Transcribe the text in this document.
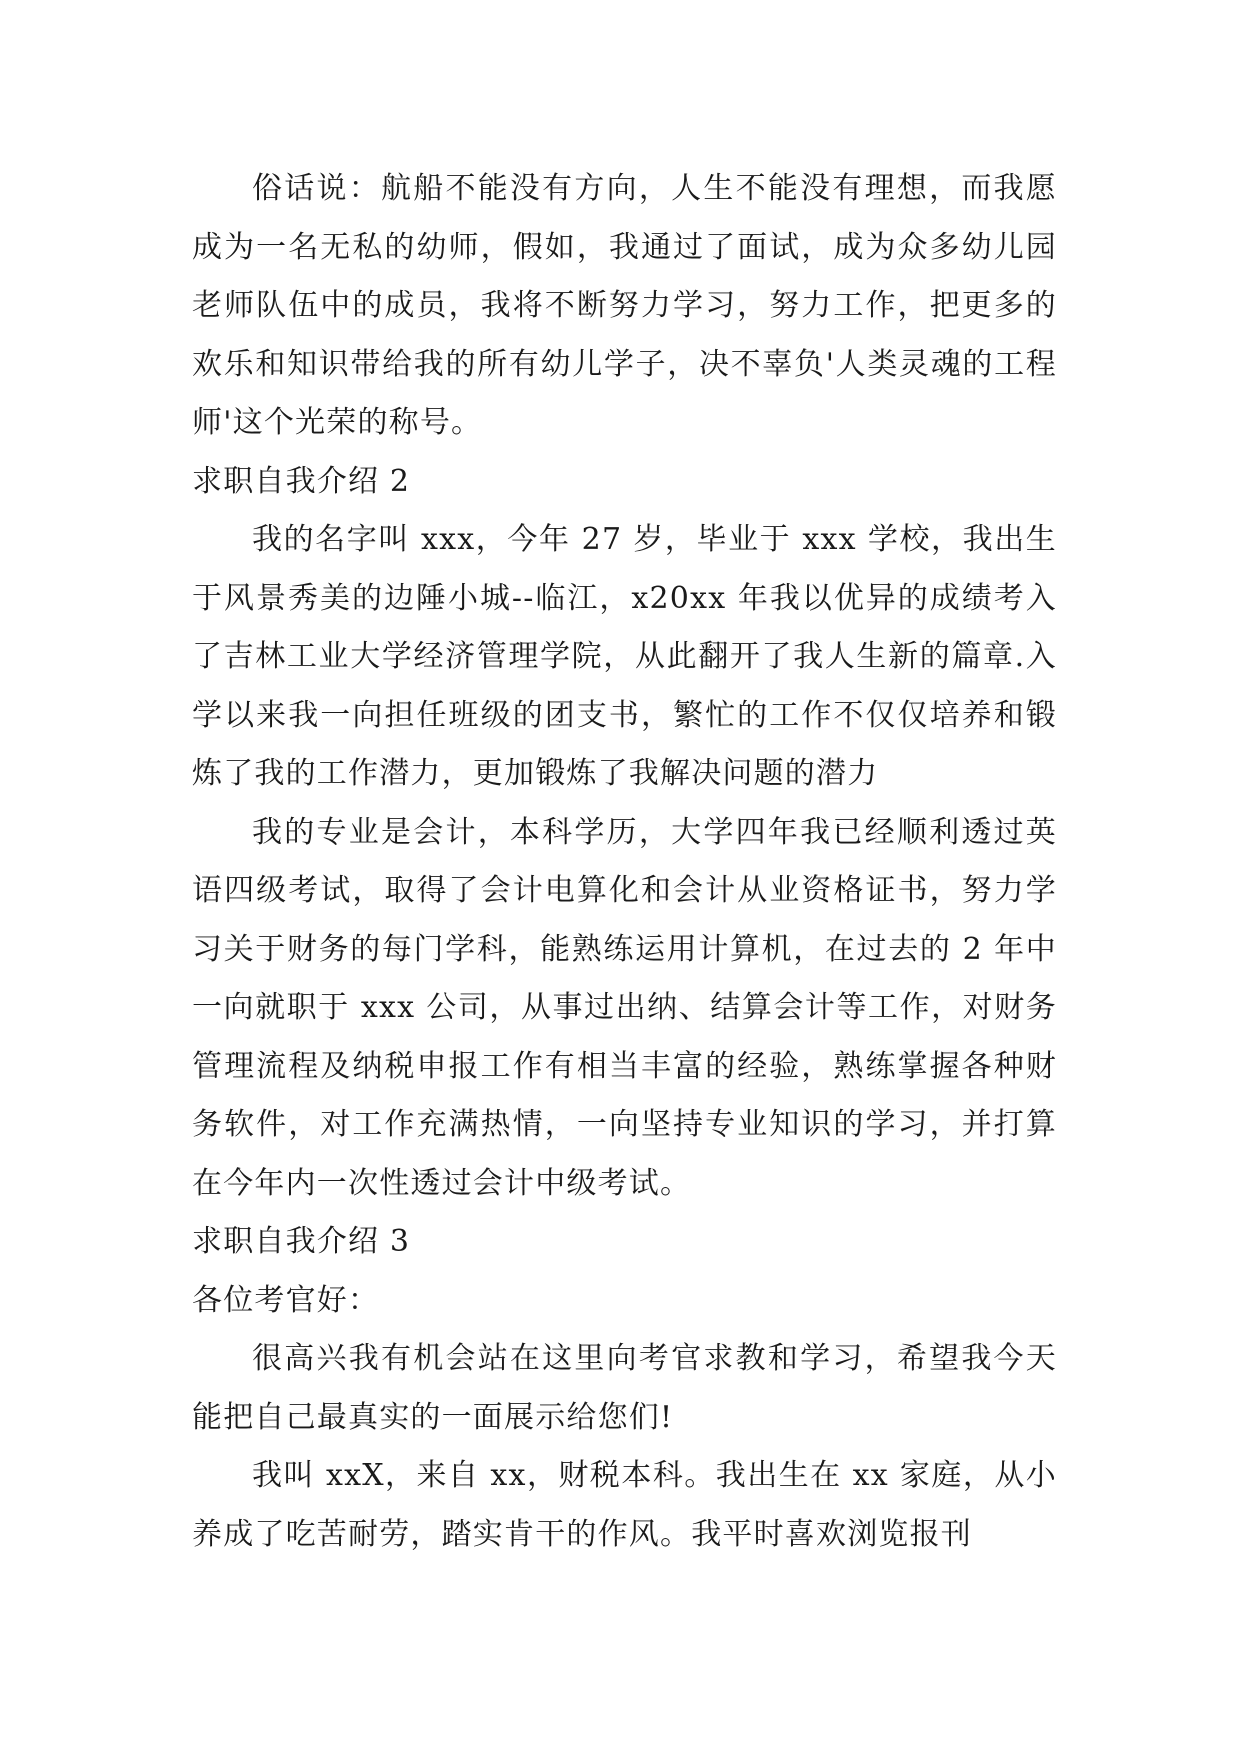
俗话说：航船不能没有方向，人生不能没有理想，而我愿成为一名无私的幼师，假如，我通过了面试，成为众多幼儿园老师队伍中的成员，我将不断努力学习，努力工作，把更多的欢乐和知识带给我的所有幼儿学子，决不辜负'人类灵魂的工程师'这个光荣的称号。

求职自我介绍 2

我的名字叫 xxx，今年 27 岁，毕业于 xxx 学校，我出生于风景秀美的边陲小城--临江，x20xx 年我以优异的成绩考入了吉林工业大学经济管理学院，从此翻开了我人生新的篇章.入学以来我一向担任班级的团支书，繁忙的工作不仅仅培养和锻炼了我的工作潜力，更加锻炼了我解决问题的潜力

我的专业是会计，本科学历，大学四年我已经顺利透过英语四级考试，取得了会计电算化和会计从业资格证书，努力学习关于财务的每门学科，能熟练运用计算机，在过去的 2 年中一向就职于 xxx 公司，从事过出纳、结算会计等工作，对财务管理流程及纳税申报工作有相当丰富的经验，熟练掌握各种财务软件，对工作充满热情，一向坚持专业知识的学习，并打算在今年内一次性透过会计中级考试。

求职自我介绍 3

各位考官好：

很高兴我有机会站在这里向考官求教和学习，希望我今天能把自己最真实的一面展示给您们!

我叫 xxX，来自 xx，财税本科。我出生在 xx 家庭，从小养成了吃苦耐劳，踏实肯干的作风。我平时喜欢浏览报刊
